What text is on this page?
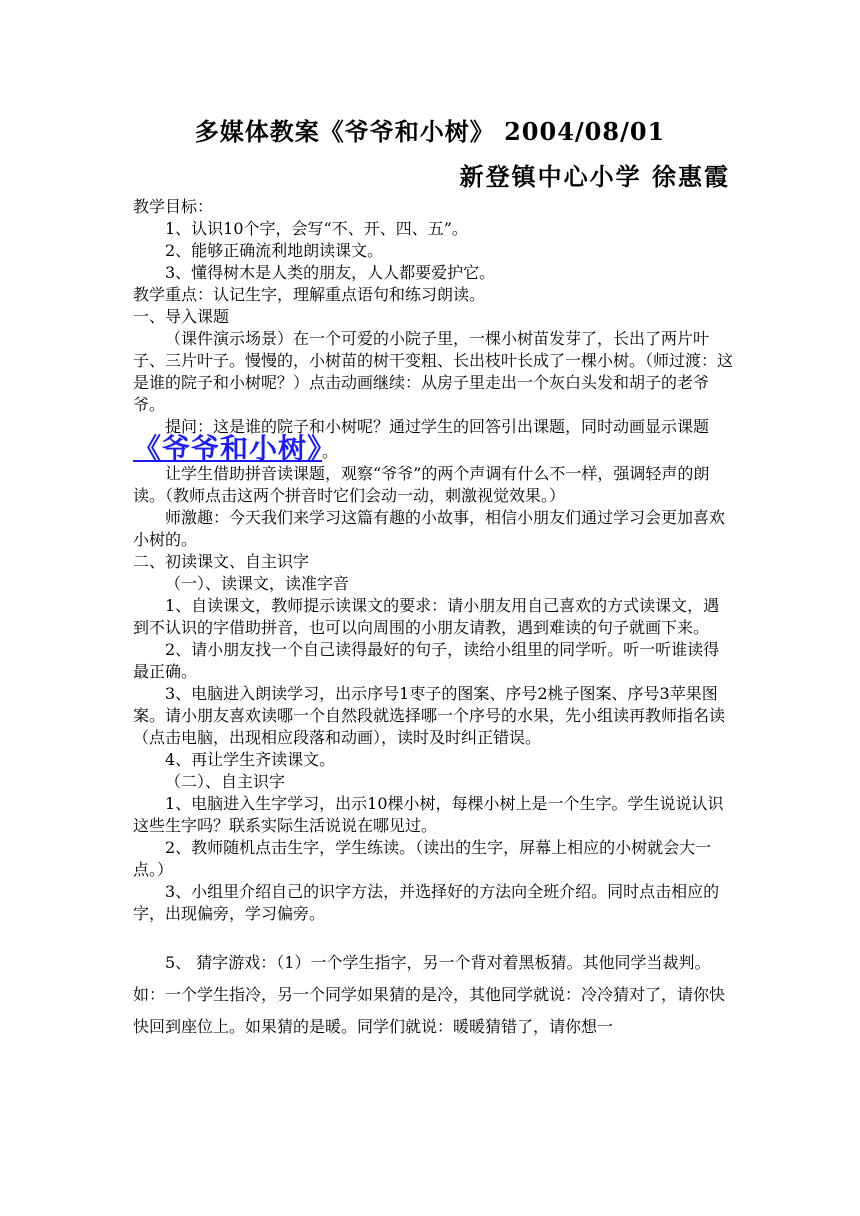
多媒体教案《爷爷和小树》 2004/08/01
新登镇中心小学 徐惠霞

教学目标：

1、认识10个字，会写“不、开、四、五”。

2、能够正确流利地朗读课文。

3、懂得树木是人类的朋友，人人都要爱护它。

教学重点：认记生字，理解重点语句和练习朗读。

一、导入课题

（课件演示场景）在一个可爱的小院子里，一棵小树苗发芽了，长出了两片叶子、三片叶子。慢慢的，小树苗的树干变粗、长出枝叶长成了一棵小树。（师过渡：这是谁的院子和小树呢？）点击动画继续：从房子里走出一个灰白头发和胡子的老爷爷。

提问：这是谁的院子和小树呢？通过学生的回答引出课题，同时动画显示课题《爷爷和小树》。

让学生借助拼音读课题，观察“爷爷”的两个声调有什么不一样，强调轻声的朗读。（教师点击这两个拼音时它们会动一动，刺激视觉效果。）

师激趣：今天我们来学习这篇有趣的小故事，相信小朋友们通过学习会更加喜欢小树的。

二、初读课文、自主识字

（一）、读课文，读准字音

1、自读课文，教师提示读课文的要求：请小朋友用自己喜欢的方式读课文，遇到不认识的字借助拼音，也可以向周围的小朋友请教，遇到难读的句子就画下来。

2、请小朋友找一个自己读得最好的句子，读给小组里的同学听。听一听谁读得最正确。

3、电脑进入朗读学习，出示序号1枣子的图案、序号2桃子图案、序号3苹果图案。请小朋友喜欢读哪一个自然段就选择哪一个序号的水果，先小组读再教师指名读（点击电脑，出现相应段落和动画），读时及时纠正错误。

4、再让学生齐读课文。

（二）、自主识字

1、电脑进入生字学习，出示10棵小树，每棵小树上是一个生字。学生说说认识这些生字吗？联系实际生活说说在哪见过。

2、教师随机点击生字，学生练读。（读出的生字，屏幕上相应的小树就会大一点。）

3、小组里介绍自己的识字方法，并选择好的方法向全班介绍。同时点击相应的字，出现偏旁，学习偏旁。

5、 猜字游戏：（1）一个学生指字，另一个背对着黑板猜。其他同学当裁判。如：一个学生指冷，另一个同学如果猜的是冷，其他同学就说：冷冷猜对了，请你快快回到座位上。如果猜的是暖。同学们就说：暖暖猜错了，请你想一
